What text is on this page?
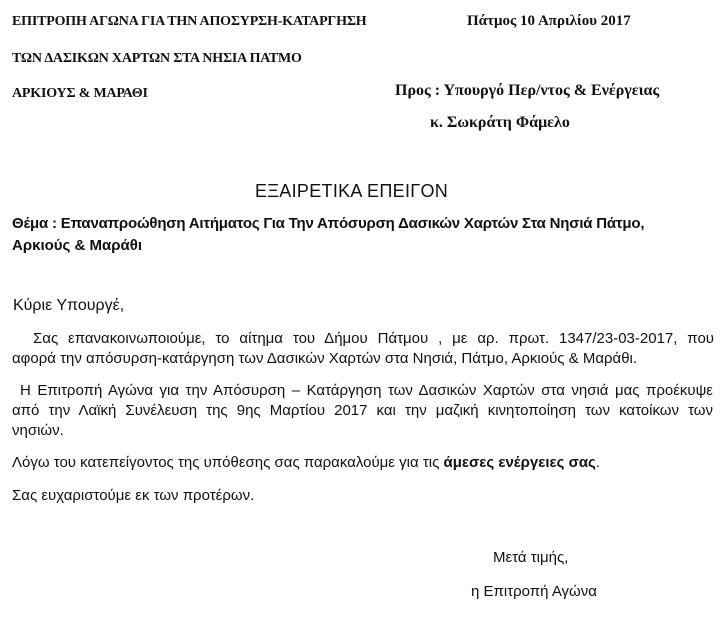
ΕΠΙΤΡΟΠΗ ΑΓΩΝΑ ΓΙΑ ΤΗΝ ΑΠΟΣΥΡΣΗ-ΚΑΤΑΡΓΗΣΗ
ΤΩΝ ΔΑΣΙΚΩΝ ΧΑΡΤΩΝ ΣΤΑ ΝΗΣΙΑ ΠΑΤΜΟ
ΑΡΚΙΟΥΣ & ΜΑΡΑΘΙ
Πάτμος 10 Απριλίου 2017
Προς : Υπουργό Περ/ντος & Ενέργειας
κ. Σωκράτη Φάμελο
ΕΞΑΙΡΕΤΙΚΑ ΕΠΕΙΓΟΝ
Θέμα : Επαναπροώθηση Αιτήματος Για Την Απόσυρση Δασικών Χαρτών Στα Νησιά Πάτμο,
Αρκιούς & Μαράθι
Κύριε Υπουργέ,
Σας επανακοινωποιούμε, το αίτημα του Δήμου Πάτμου , με αρ. πρωτ. 1347/23-03-2017, που
αφορά την απόσυρση-κατάργηση των Δασικών Χαρτών στα Νησιά, Πάτμο, Αρκιούς & Μαράθι.
Η Επιτροπή Αγώνα για την Απόσυρση – Κατάργηση των Δασικών Χαρτών στα νησιά μας προέκυψε
από την Λαϊκή Συνέλευση της 9ης Μαρτίου 2017 και την μαζική κινητοποίηση των κατοίκων των
νησιών.
Λόγω του κατεπείγοντος της υπόθεσης σας παρακαλούμε για τις άμεσες ενέργειες σας.
Σας ευχαριστούμε εκ των προτέρων.
Μετά τιμής,
η Επιτροπή Αγώνα
